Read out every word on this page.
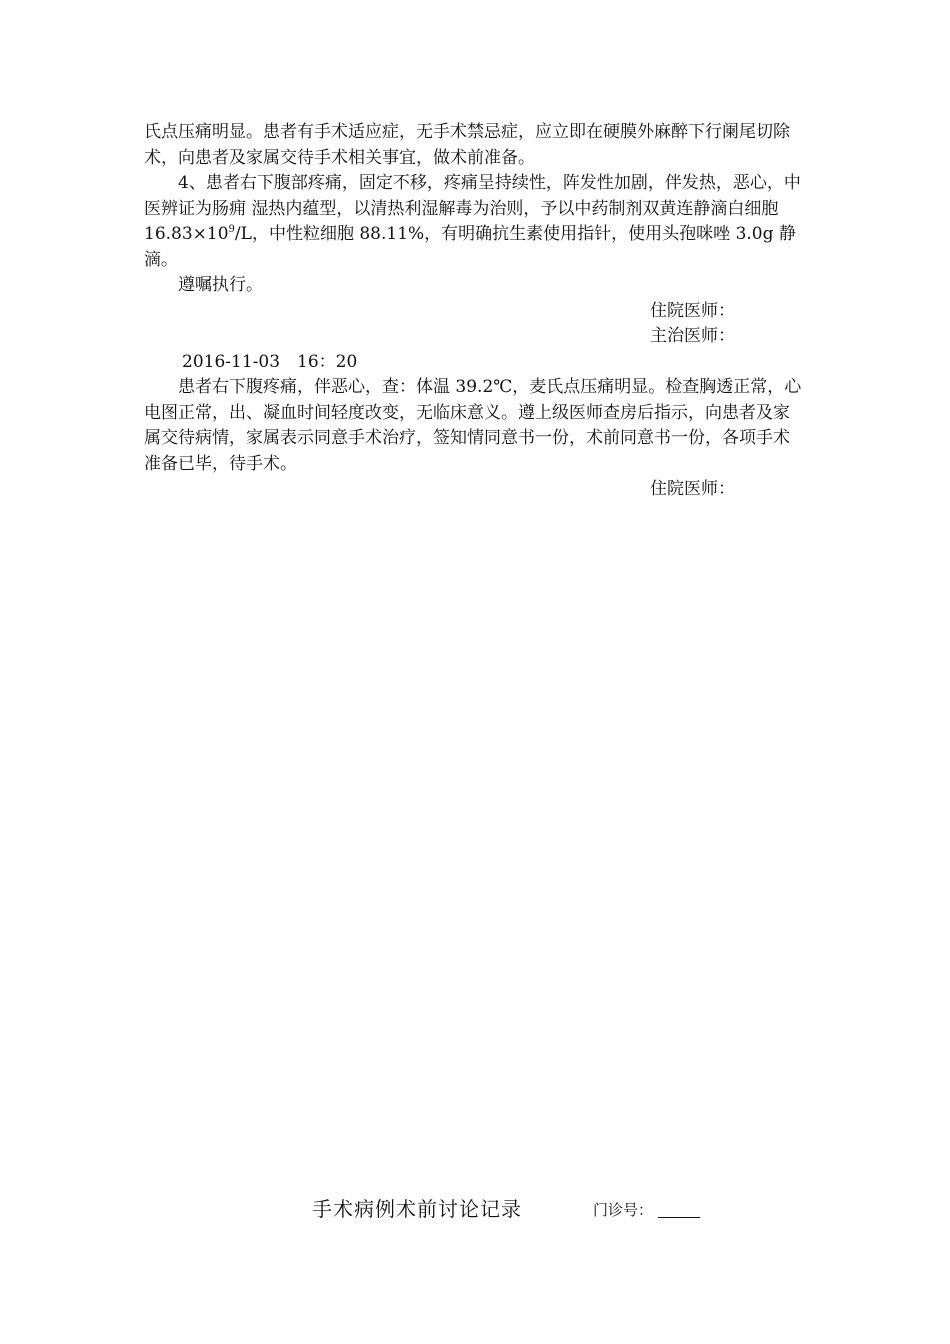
氏点压痛明显。患者有手术适应症，无手术禁忌症，应立即在硬膜外麻醉下行阑尾切除术，向患者及家属交待手术相关事宜，做术前准备。

4、患者右下腹部疼痛，固定不移，疼痛呈持续性，阵发性加剧，伴发热，恶心，中医辨证为肠痈 湿热内蕴型，以清热利湿解毒为治则，予以中药制剂双黄连静滴白细胞 $16.83\times 10^9/L$，中性粒细胞 88.11%，有明确抗生素使用指针，使用头孢咪唑 3.0g 静滴。

遵嘱执行。

住院医师：

主治医师：

2016-11-03　16：20

患者右下腹疼痛，伴恶心，查：体温 39.2℃，麦氏点压痛明显。检查胸透正常，心电图正常，出、凝血时间轻度改变，无临床意义。遵上级医师查房后指示，向患者及家属交待病情，家属表示同意手术治疗，签知情同意书一份，术前同意书一份，各项手术准备已毕，待手术。

住院医师：

手术病例术前讨论记录	门诊号：
